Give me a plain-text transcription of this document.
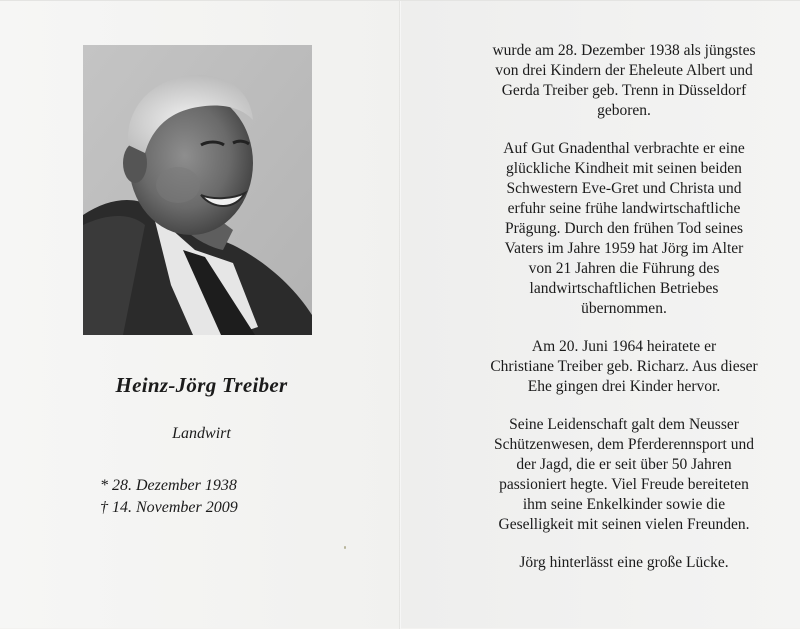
Heinz-Jörg Treiber
Landwirt
* 28. Dezember 1938
† 14. November 2009

wurde am 28. Dezember 1938 als jüngstes
von drei Kindern der Eheleute Albert und
Gerda Treiber geb. Trenn in Düsseldorf
geboren.

Auf Gut Gnadenthal verbrachte er eine
glückliche Kindheit mit seinen beiden
Schwestern Eve-Gret und Christa und
erfuhr seine frühe landwirtschaftliche
Prägung. Durch den frühen Tod seines
Vaters im Jahre 1959 hat Jörg im Alter
von 21 Jahren die Führung des
landwirtschaftlichen Betriebes
übernommen.

Am 20. Juni 1964 heiratete er
Christiane Treiber geb. Richarz. Aus dieser
Ehe gingen drei Kinder hervor.

Seine Leidenschaft galt dem Neusser
Schützenwesen, dem Pferderennsport und
der Jagd, die er seit über 50 Jahren
passioniert hegte. Viel Freude bereiteten
ihm seine Enkelkinder sowie die
Geselligkeit mit seinen vielen Freunden.

Jörg hinterlässt eine große Lücke.
